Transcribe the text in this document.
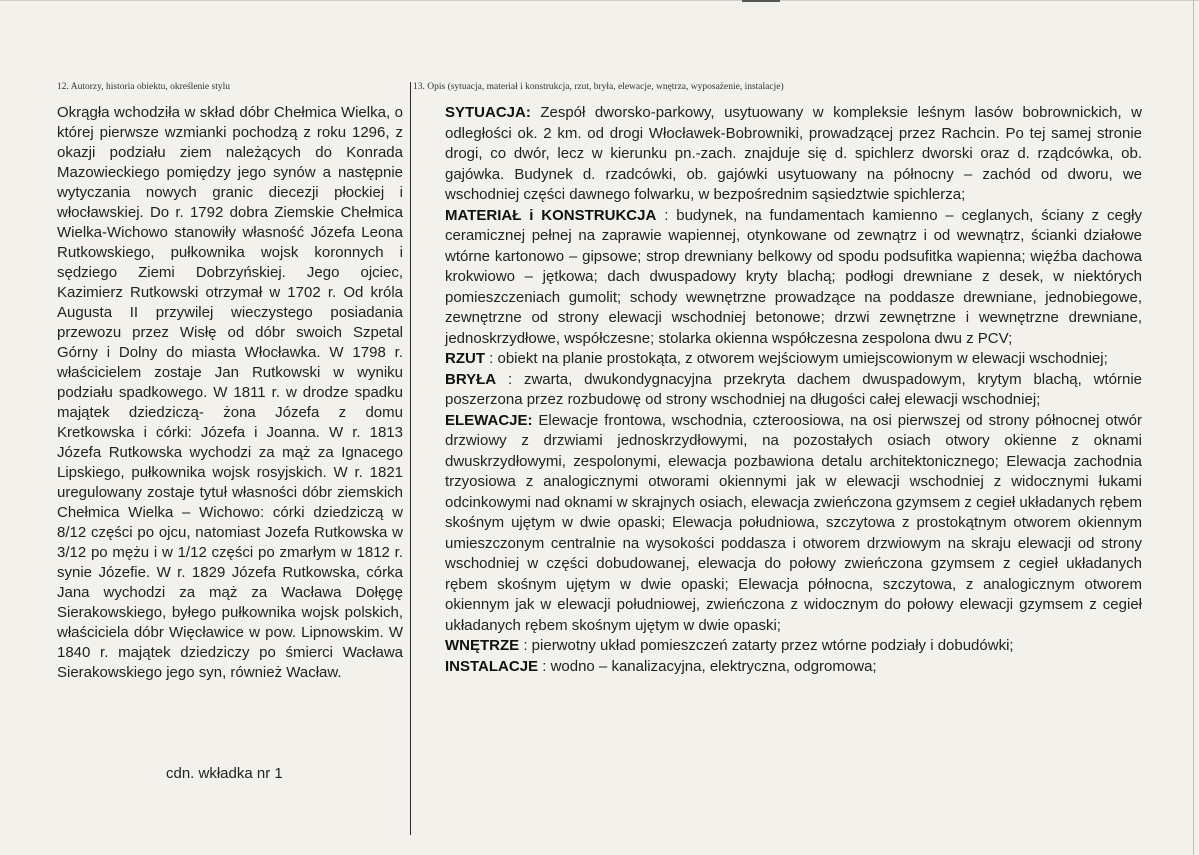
12. Autorzy, historia obiektu, określenie stylu	13. Opis (sytuacja, materiał i konstrukcja, rzut, bryła, elewacje, wnętrza, wyposażenie, instalacje)

Okrągła wchodziła w skład dóbr Chełmica Wielka, o której pierwsze wzmianki pochodzą z roku 1296, z okazji podziału ziem należących do Konrada Mazowieckiego pomiędzy jego synów a następnie wytyczania nowych granic diecezji płockiej i włocławskiej. Do r. 1792 dobra Ziemskie Chełmica Wielka-Wichowo stanowiły własność Józefa Leona Rutkowskiego, pułkownika wojsk koronnych i sędziego Ziemi Dobrzyńskiej. Jego ojciec, Kazimierz Rutkowski otrzymał w 1702 r. Od króla Augusta II przywilej wieczystego posiadania przewozu przez Wisłę od dóbr swoich Szpetal Górny i Dolny do miasta Włocławka. W 1798 r. właścicielem zostaje Jan Rutkowski w wyniku podziału spadkowego. W 1811 r. w drodze spadku majątek dziedziczą- żona Józefa z domu Kretkowska i córki: Józefa i Joanna. W r. 1813 Józefa Rutkowska wychodzi za mąż za Ignacego Lipskiego, pułkownika wojsk rosyjskich. W r. 1821 uregulowany zostaje tytuł własności dóbr ziemskich Chełmica Wielka – Wichowo: córki dziedziczą w 8/12 części po ojcu, natomiast Jozefa Rutkowska w 3/12 po mężu i w 1/12 części po zmarłym w 1812 r. synie Józefie. W r. 1829 Józefa Rutkowska, córka Jana wychodzi za mąż za Wacława Dołęgę Sierakowskiego, byłego pułkownika wojsk polskich, właściciela dóbr Więcławice w pow. Lipnowskim. W 1840 r. majątek dziedziczy po śmierci Wacława Sierakowskiego jego syn, również Wacław.

cdn. wkładka nr 1

SYTUACJA: Zespół dworsko-parkowy, usytuowany w kompleksie leśnym lasów bobrownickich, w odległości ok. 2 km. od drogi Włocławek-Bobrowniki, prowadzącej przez Rachcin. Po tej samej stronie drogi, co dwór, lecz w kierunku pn.-zach. znajduje się d. spichlerz dworski oraz d. rządcówka, ob. gajówka. Budynek d. rzadcówki, ob. gajówki usytuowany na północny – zachód od dworu, we wschodniej części dawnego folwarku, w bezpośrednim sąsiedztwie spichlerza;

MATERIAŁ i KONSTRUKCJA : budynek, na fundamentach kamienno – ceglanych, ściany z cegły ceramicznej pełnej na zaprawie wapiennej, otynkowane od zewnątrz i od wewnątrz, ścianki działowe wtórne kartonowo – gipsowe; strop drewniany belkowy od spodu podsufitka wapienna; więźba dachowa krokwiowo – jętkowa; dach dwuspadowy kryty blachą; podłogi drewniane z desek, w niektórych pomieszczeniach gumolit; schody wewnętrzne prowadzące na poddasze drewniane, jednobiegowe, zewnętrzne od strony elewacji wschodniej betonowe; drzwi zewnętrzne i wewnętrzne drewniane, jednoskrzydłowe, współczesne; stolarka okienna współczesna zespolona dwu z PCV;

RZUT : obiekt na planie prostokąta, z otworem wejściowym umiejscowionym w elewacji wschodniej;

BRYŁA : zwarta, dwukondygnacyjna przekryta dachem dwuspadowym, krytym blachą, wtórnie poszerzona przez rozbudowę od strony wschodniej na długości całej elewacji wschodniej;

ELEWACJE: Elewacje frontowa, wschodnia, czteroosiowa, na osi pierwszej od strony północnej otwór drzwiowy z drzwiami jednoskrzydłowymi, na pozostałych osiach otwory okienne z oknami dwuskrzydłowymi, zespolonymi, elewacja pozbawiona detalu architektonicznego; Elewacja zachodnia trzyosiowa z analogicznymi otworami okiennymi jak w elewacji wschodniej z widocznymi łukami odcinkowymi nad oknami w skrajnych osiach, elewacja zwieńczona gzymsem z cegieł układanych rębem skośnym ujętym w dwie opaski; Elewacja południowa, szczytowa z prostokątnym otworem okiennym umieszczonym centralnie na wysokości poddasza i otworem drzwiowym na skraju elewacji od strony wschodniej w części dobudowanej, elewacja do połowy zwieńczona gzymsem z cegieł układanych rębem skośnym ujętym w dwie opaski; Elewacja północna, szczytowa, z analogicznym otworem okiennym jak w elewacji południowej, zwieńczona z widocznym do połowy elewacji gzymsem z cegieł układanych rębem skośnym ujętym w dwie opaski;

WNĘTRZE : pierwotny układ pomieszczeń zatarty przez wtórne podziały i dobudówki;

INSTALACJE : wodno – kanalizacyjna, elektryczna, odgromowa;
